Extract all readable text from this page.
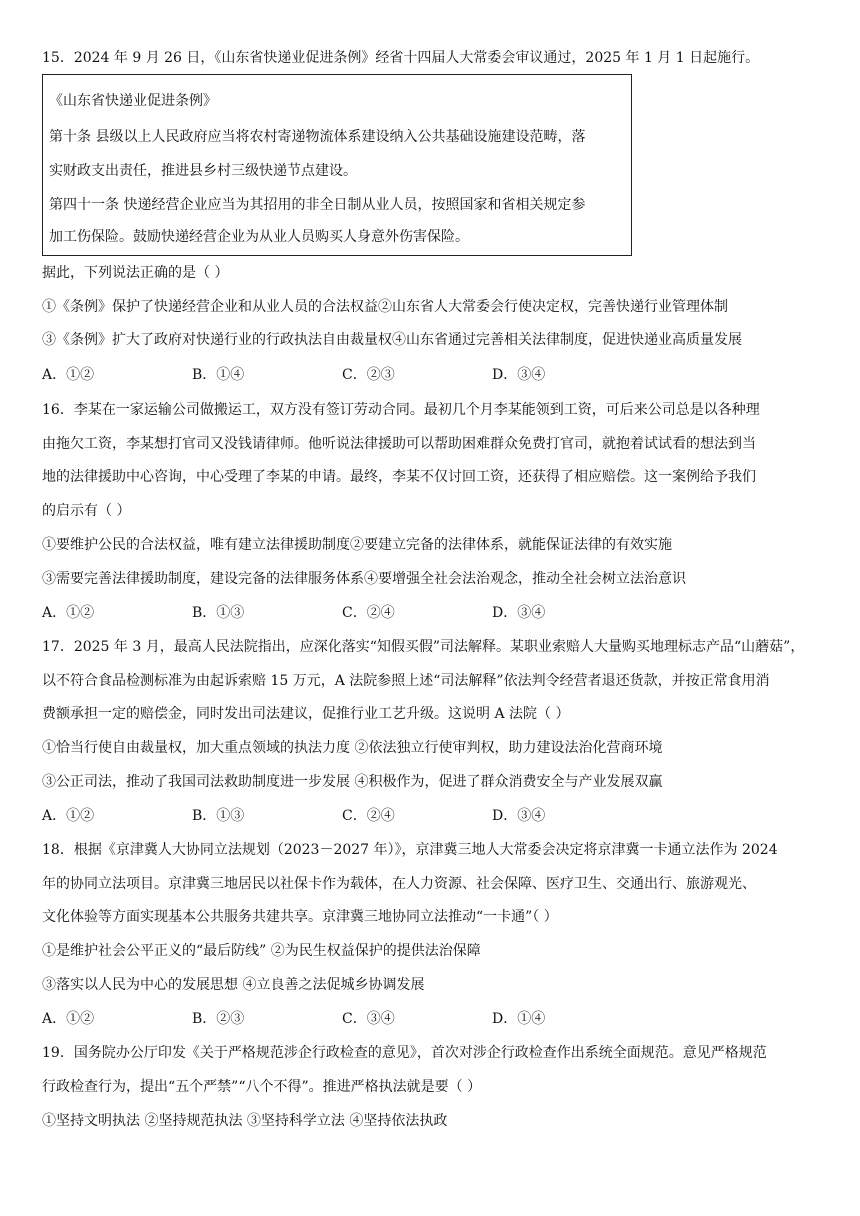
15．2024 年 9 月 26 日，《山东省快递业促进条例》经省十四届人大常委会审议通过，2025 年 1 月 1 日起施行。
《山东省快递业促进条例》
第十条 县级以上人民政府应当将农村寄递物流体系建设纳入公共基础设施建设范畴，落
实财政支出责任，推进县乡村三级快递节点建设。
第四十一条 快递经营企业应当为其招用的非全日制从业人员，按照国家和省相关规定参
加工伤保险。鼓励快递经营企业为从业人员购买人身意外伤害保险。
据此，下列说法正确的是（ ）
①《条例》保护了快递经营企业和从业人员的合法权益②山东省人大常委会行使决定权，完善快递行业管理体制
③《条例》扩大了政府对快递行业的行政执法自由裁量权④山东省通过完善相关法律制度，促进快递业高质量发展
A．①②	B．①④	C．②③	D．③④
16．李某在一家运输公司做搬运工，双方没有签订劳动合同。最初几个月李某能领到工资，可后来公司总是以各种理
由拖欠工资，李某想打官司又没钱请律师。他听说法律援助可以帮助困难群众免费打官司，就抱着试试看的想法到当
地的法律援助中心咨询，中心受理了李某的申请。最终，李某不仅讨回工资，还获得了相应赔偿。这一案例给予我们
的启示有（ ）
①要维护公民的合法权益，唯有建立法律援助制度②要建立完备的法律体系，就能保证法律的有效实施
③需要完善法律援助制度，建设完备的法律服务体系④要增强全社会法治观念，推动全社会树立法治意识
A．①②	B．①③	C．②④	D．③④
17．2025 年 3 月，最高人民法院指出，应深化落实“知假买假”司法解释。某职业索赔人大量购买地理标志产品“山蘑菇”，
以不符合食品检测标准为由起诉索赔 15 万元，A 法院参照上述“司法解释”依法判令经营者退还货款，并按正常食用消
费额承担一定的赔偿金，同时发出司法建议，促推行业工艺升级。这说明 A 法院（ ）
①恰当行使自由裁量权，加大重点领域的执法力度 ②依法独立行使审判权，助力建设法治化营商环境
③公正司法，推动了我国司法救助制度进一步发展 ④积极作为，促进了群众消费安全与产业发展双赢
A．①②	B．①③	C．②④	D．③④
18．根据《京津冀人大协同立法规划（2023－2027 年）》，京津冀三地人大常委会决定将京津冀一卡通立法作为 2024
年的协同立法项目。京津冀三地居民以社保卡作为载体，在人力资源、社会保障、医疗卫生、交通出行、旅游观光、
文化体验等方面实现基本公共服务共建共享。京津冀三地协同立法推动“一卡通”（ ）
①是维护社会公平正义的“最后防线” ②为民生权益保护的提供法治保障
③落实以人民为中心的发展思想 ④立良善之法促城乡协调发展
A．①②	B．②③	C．③④	D．①④
19．国务院办公厅印发《关于严格规范涉企行政检查的意见》，首次对涉企行政检查作出系统全面规范。意见严格规范
行政检查行为，提出“五个严禁”“八个不得”。推进严格执法就是要（ ）
①坚持文明执法 ②坚持规范执法 ③坚持科学立法 ④坚持依法执政
